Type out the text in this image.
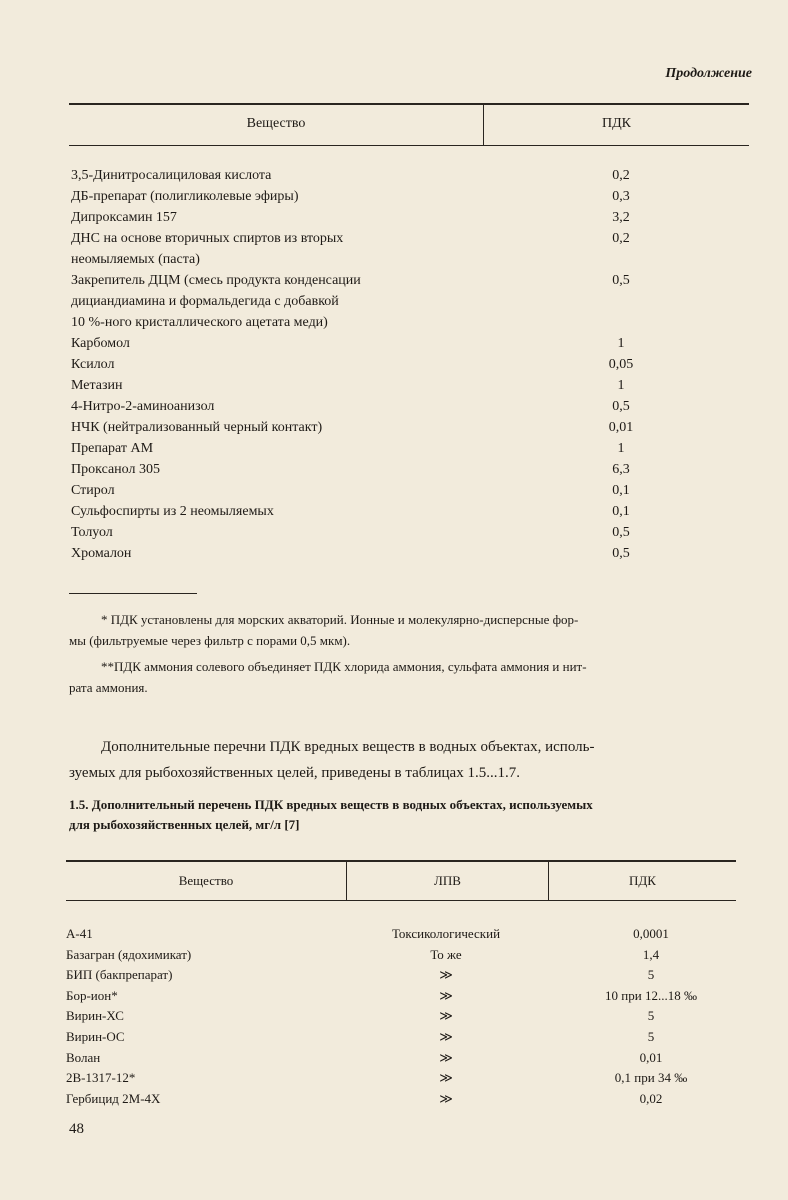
Продолжение
Вещество	ПДК
3,5-Динитросалициловая кислота	0,2
ДБ-препарат (полигликолевые эфиры)	0,3
Дипроксамин 157	3,2
ДНС на основе вторичных спиртов из вторых	0,2
неомыляемых (паста)
Закрепитель ДЦМ (смесь продукта конденсации	0,5
дициандиамина и формальдегида с добавкой
10 %-ного кристаллического ацетата меди)
Карбомол	1
Ксилол	0,05
Метазин	1
4-Нитро-2-аминоанизол	0,5
НЧК (нейтрализованный черный контакт)	0,01
Препарат АМ	1
Проксанол 305	6,3
Стирол	0,1
Сульфоспирты из 2 неомыляемых	0,1
Толуол	0,5
Хромалон	0,5
* ПДК установлены для морских акваторий. Ионные и молекулярно-дисперсные фор-
мы (фильтруемые через фильтр с порами 0,5 мкм).
**ПДК аммония солевого объединяет ПДК хлорида аммония, сульфата аммония и нит-
рата аммония.
Дополнительные перечни ПДК вредных веществ в водных объектах, исполь-
зуемых для рыбохозяйственных целей, приведены в таблицах 1.5...1.7.
1.5. Дополнительный перечень ПДК вредных веществ в водных объектах, используемых
для рыбохозяйственных целей, мг/л [7]
Вещество	ЛПВ	ПДК
А-41	Токсикологический	0,0001
Базагран (ядохимикат)	То же	1,4
БИП (бакпрепарат)	≫	5
Бор-ион*	≫	10 при 12...18 ‰
Вирин-ХС	≫	5
Вирин-ОС	≫	5
Волан	≫	0,01
2В-1317-12*	≫	0,1 при 34 ‰
Гербицид 2М-4Х	≫	0,02
48
